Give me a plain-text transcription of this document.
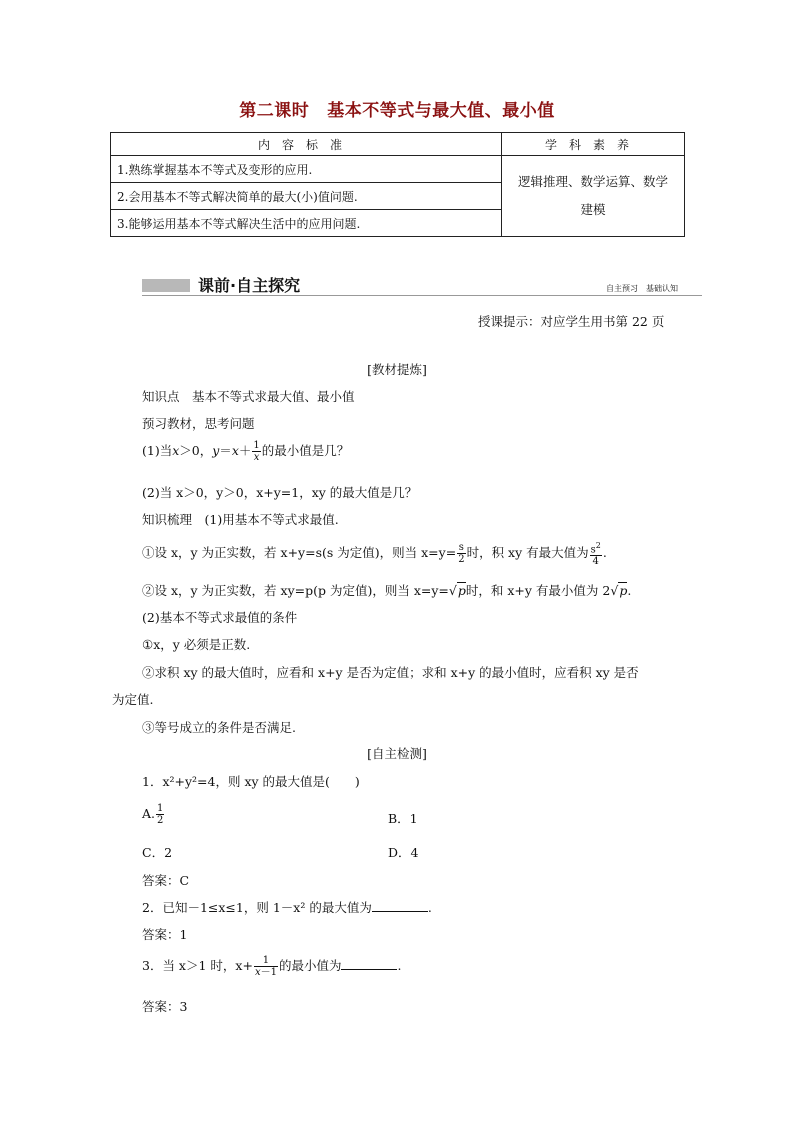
第二课时 基本不等式与最大值、最小值
内容标准	学科素养
1.熟练掌握基本不等式及变形的应用.	逻辑推理、数学运算、数学建模

2.会用基本不等式解决简单的最大(小)值问题.	
3.能够运用基本不等式解决生活中的应用问题.	
课前·自主探究	自主预习　基础认知
授课提示：对应学生用书第 22 页
[教材提炼]
知识点　基本不等式求最大值、最小值
预习教材，思考问题
(1)当x＞0，$y=x+ \frac{1}{x}$ 的最小值是几？
(2)当 x＞0，y＞0，x+y=1，xy 的最大值是几？
知识梳理　(1)用基本不等式求最值.
①设 x，y 为正实数，若 x+y=s(s 为定值)，则当 $x=y= \frac{s}{2}$ 时，积 xy 有最大值为 $\frac{s^2}{4}$ .
②设 x，y 为正实数，若 xy=p(p 为定值)，则当 x=y=√p时，和 x+y 有最小值为 2√p.
(2)基本不等式求最值的条件
①x，y 必须是正数.
②求积 xy 的最大值时，应看和 x+y 是否为定值；求和 x+y 的最小值时，应看积 xy 是否
为定值.
③等号成立的条件是否满足.
[自主检测]
1．x²+y²=4，则 xy 的最大值是(　　)
A. $\frac{1}{2}$	B．1
C．2	D．4
答案：C
2．已知－1≤x≤1，则 1－x² 的最大值为	.
答案：1
3．当 x＞1 时，$x+ \frac{1}{x-1}$ 的最小值为	.
答案：3
